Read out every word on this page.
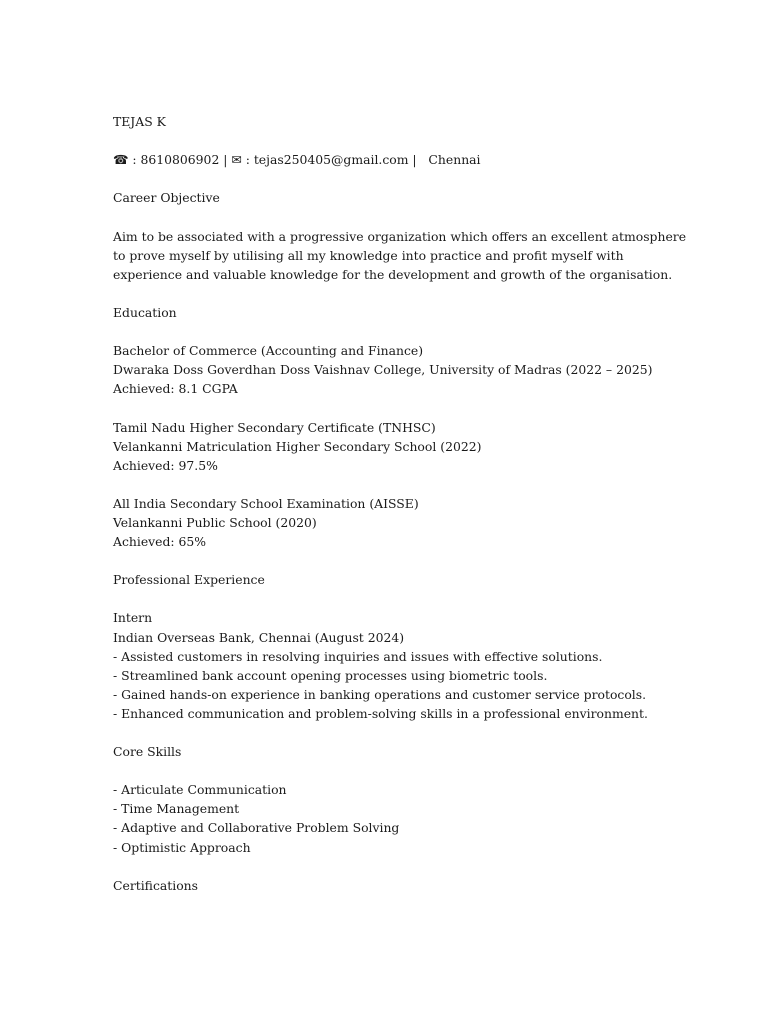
TEJAS K
☎ : 8610806902 | ✉ : tejas250405@gmail.com |   Chennai
Career Objective
Aim to be associated with a progressive organization which offers an excellent atmosphere
to prove myself by utilising all my knowledge into practice and profit myself with
experience and valuable knowledge for the development and growth of the organisation.
Education
Bachelor of Commerce (Accounting and Finance)
Dwaraka Doss Goverdhan Doss Vaishnav College, University of Madras (2022 – 2025)
Achieved: 8.1 CGPA
Tamil Nadu Higher Secondary Certificate (TNHSC)
Velankanni Matriculation Higher Secondary School (2022)
Achieved: 97.5%
All India Secondary School Examination (AISSE)
Velankanni Public School (2020)
Achieved: 65%
Professional Experience
Intern
Indian Overseas Bank, Chennai (August 2024)
- Assisted customers in resolving inquiries and issues with effective solutions.
- Streamlined bank account opening processes using biometric tools.
- Gained hands-on experience in banking operations and customer service protocols.
- Enhanced communication and problem-solving skills in a professional environment.
Core Skills
- Articulate Communication
- Time Management
- Adaptive and Collaborative Problem Solving
- Optimistic Approach
Certifications
